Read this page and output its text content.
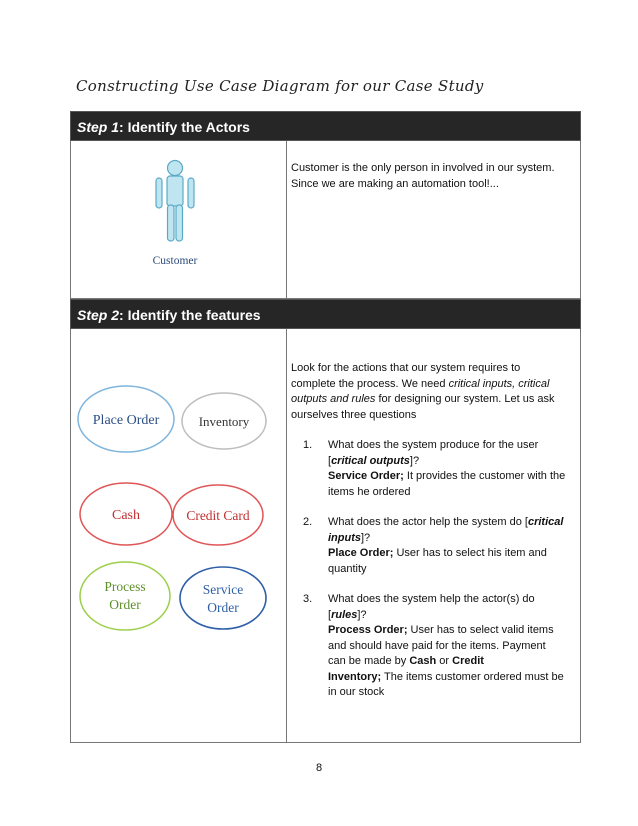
Constructing Use Case Diagram for our Case Study
Step 1: Identify the Actors
Customer
Customer is the only person in involved in our system.
Since we are making an automation tool!...
Step 2: Identify the features
Place Order	Inventory
Cash	Credit Card
Process
Order
Service
Order
Look for the actions that our system requires to
complete the process. We need critical inputs, critical
outputs and rules for designing our system. Let us ask
ourselves three questions
1. What does the system produce for the user
[critical outputs]?
Service Order; It provides the customer with the
items he ordered
2. What does the actor help the system do [critical
inputs]?
Place Order; User has to select his item and
quantity
3. What does the system help the actor(s) do
[rules]?
Process Order; User has to select valid items
and should have paid for the items. Payment
can be made by Cash or Credit
Inventory; The items customer ordered must be
in our stock
8
